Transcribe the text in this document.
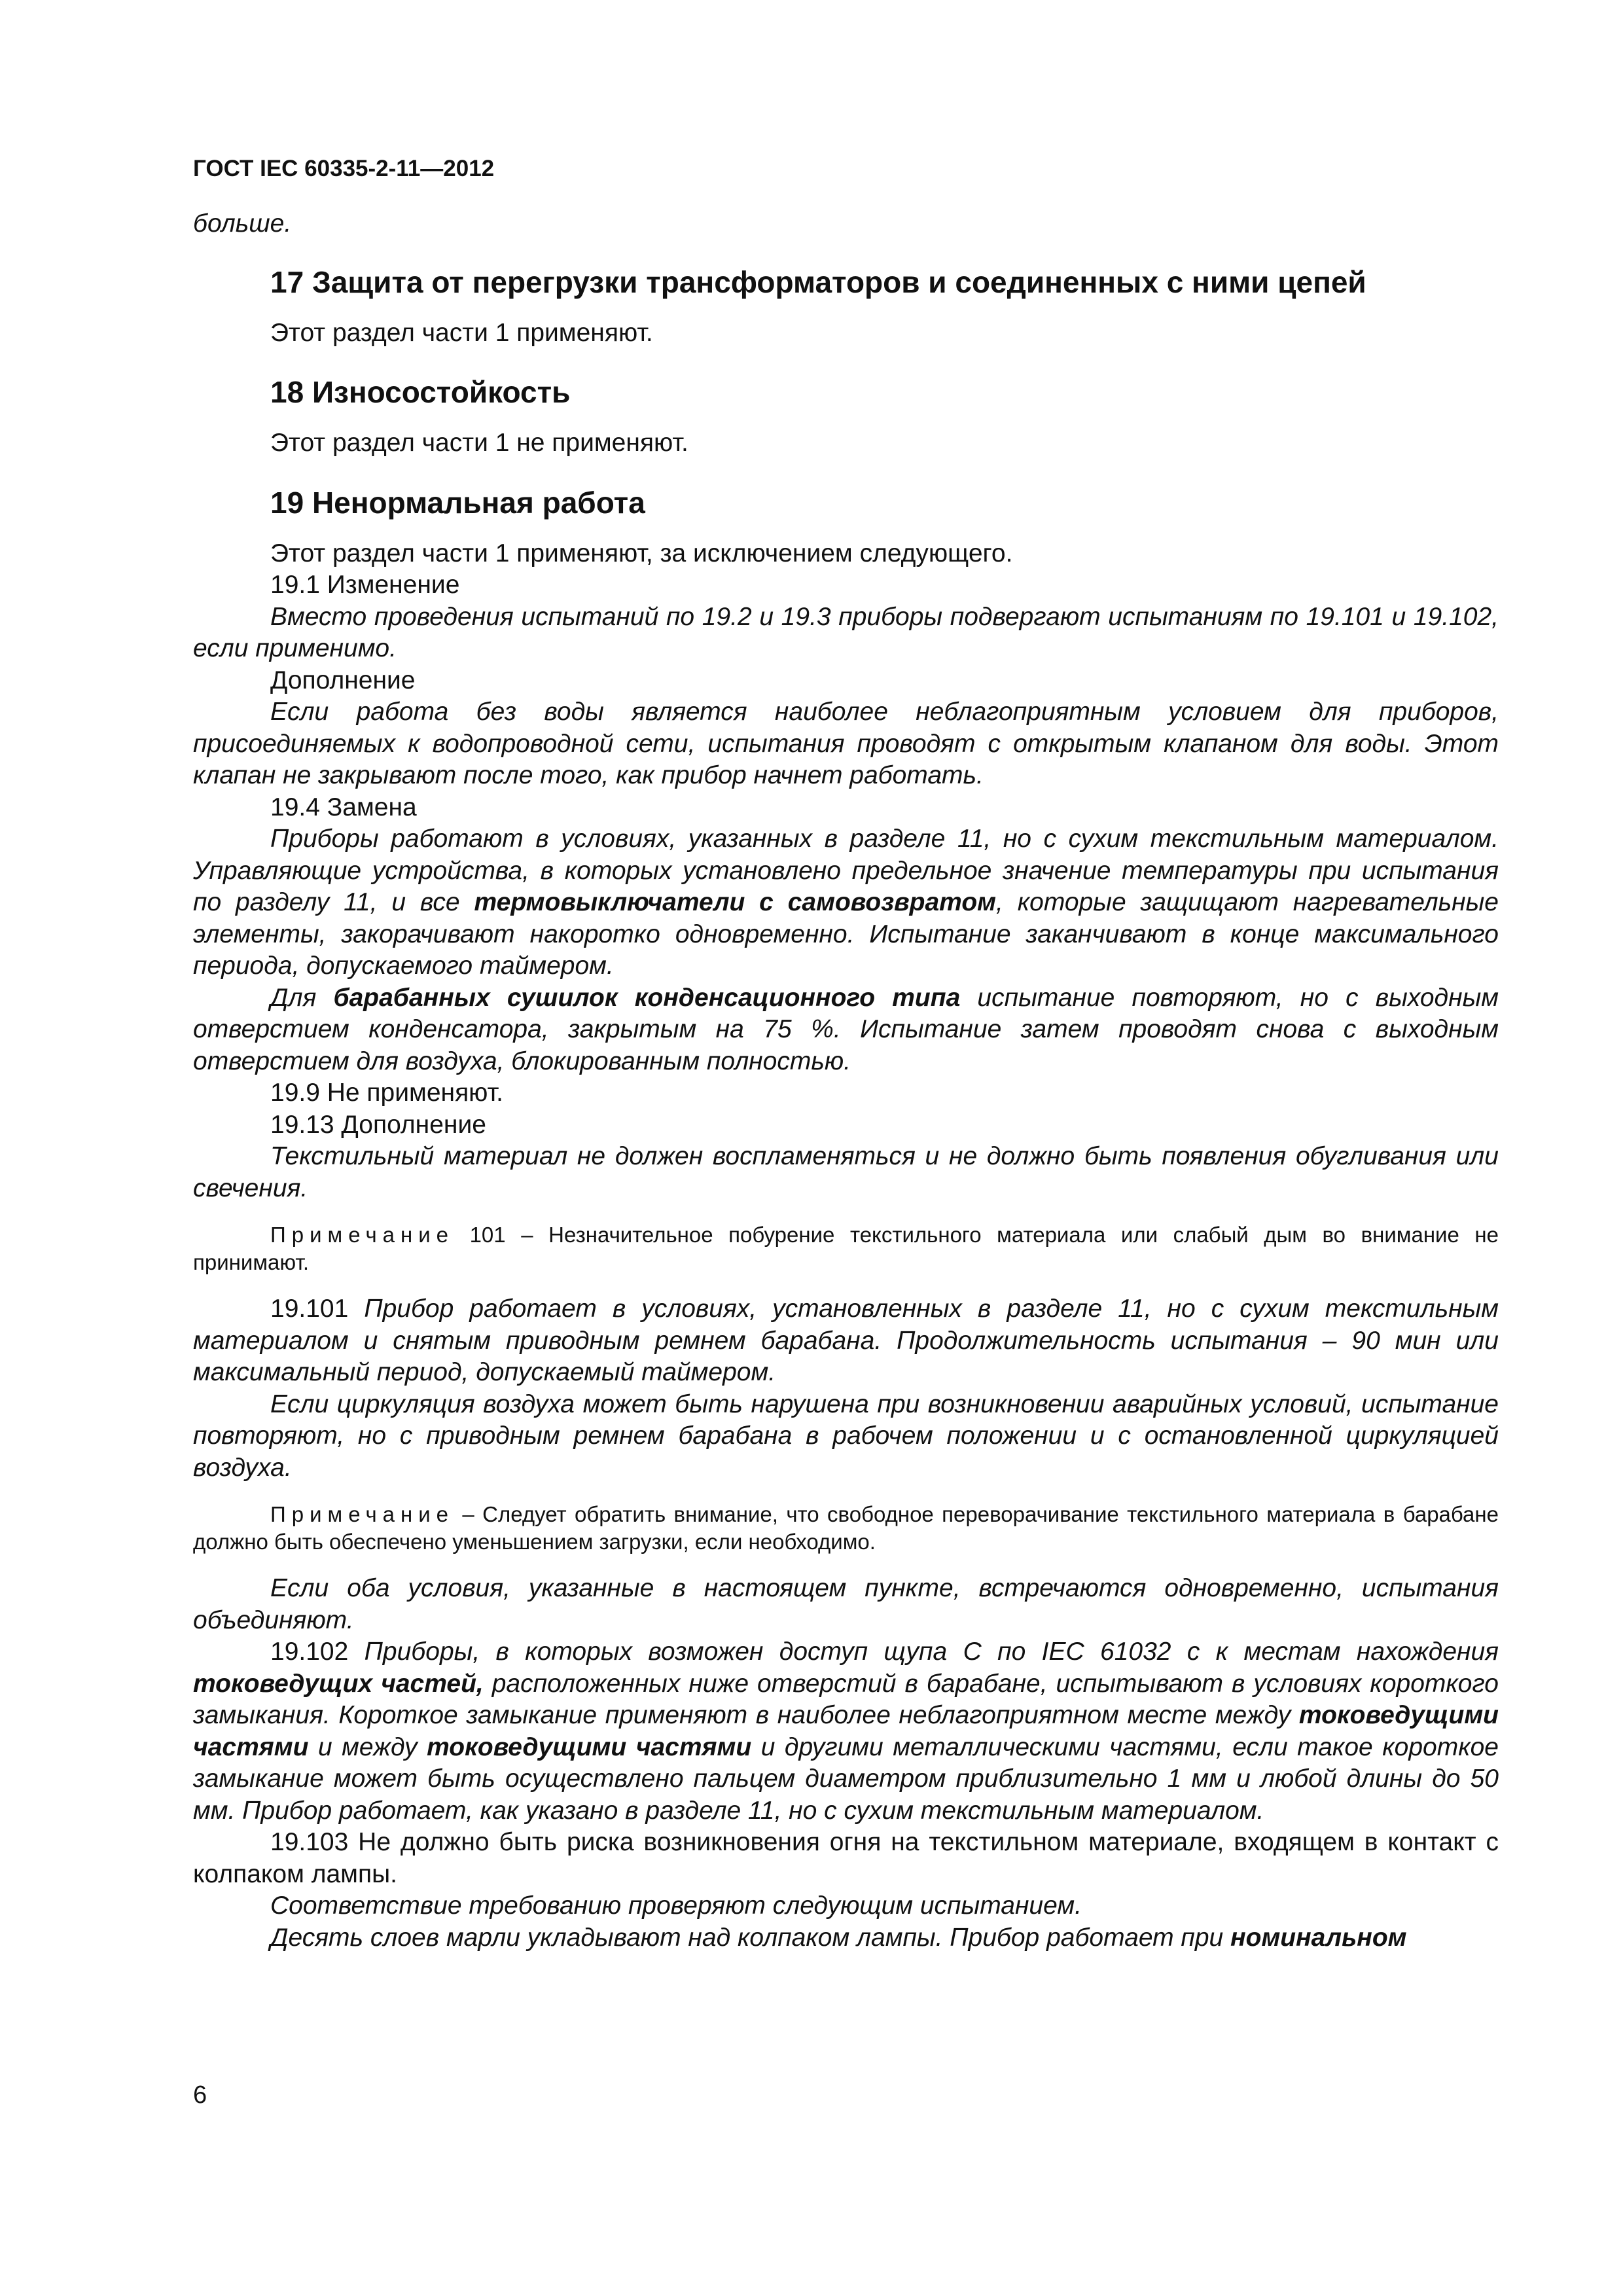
ГОСТ IEC 60335-2-11—2012

больше.

17 Защита от перегрузки трансформаторов и соединенных с ними цепей

Этот раздел части 1 применяют.

18 Износостойкость

Этот раздел части 1 не применяют.

19 Ненормальная работа

Этот раздел части 1 применяют, за исключением следующего.

19.1 Изменение

Вместо проведения испытаний по 19.2 и 19.3 приборы подвергают испытаниям по 19.101 и 19.102, если применимо.

Дополнение

Если работа без воды является наиболее неблагоприятным условием для приборов, присоединяемых к водопроводной сети, испытания проводят с открытым клапаном для воды. Этот клапан не закрывают после того, как прибор начнет работать.

19.4 Замена

Приборы работают в условиях, указанных в разделе 11, но с сухим текстильным материалом. Управляющие устройства, в которых установлено предельное значение температуры при испытания по разделу 11, и все термовыключатели с самовозвратом, которые защищают нагревательные элементы, закорачивают накоротко одновременно. Испытание заканчивают в конце максимального периода, допускаемого таймером.

Для барабанных сушилок конденсационного типа испытание повторяют, но с выходным отверстием конденсатора, закрытым на 75 %. Испытание затем проводят снова с выходным отверстием для воздуха, блокированным полностью.

19.9 Не применяют.

19.13 Дополнение

Текстильный материал не должен воспламеняться и не должно быть появления обугливания или свечения.

Примечание 101 – Незначительное побурение текстильного материала или слабый дым во внимание не принимают.

19.101 Прибор работает в условиях, установленных в разделе 11, но с сухим текстильным материалом и снятым приводным ремнем барабана. Продолжительность испытания – 90 мин или максимальный период, допускаемый таймером.

Если циркуляция воздуха может быть нарушена при возникновении аварийных условий, испытание повторяют, но с приводным ремнем барабана в рабочем положении и с остановленной циркуляцией воздуха.

Примечание – Следует обратить внимание, что свободное переворачивание текстильного материала в барабане должно быть обеспечено уменьшением загрузки, если необходимо.

Если оба условия, указанные в настоящем пункте, встречаются одновременно, испытания объединяют.

19.102 Приборы, в которых возможен доступ щупа С по IEC 61032 с к местам нахождения токоведущих частей, расположенных ниже отверстий в барабане, испытывают в условиях короткого замыкания. Короткое замыкание применяют в наиболее неблагоприятном месте между токоведущими частями и между токоведущими частями и другими металлическими частями, если такое короткое замыкание может быть осуществлено пальцем диаметром приблизительно 1 мм и любой длины до 50 мм. Прибор работает, как указано в разделе 11, но с сухим текстильным материалом.

19.103 Не должно быть риска возникновения огня на текстильном материале, входящем в контакт с колпаком лампы.

Соответствие требованию проверяют следующим испытанием.

Десять слоев марли укладывают над колпаком лампы. Прибор работает при номинальном

6
